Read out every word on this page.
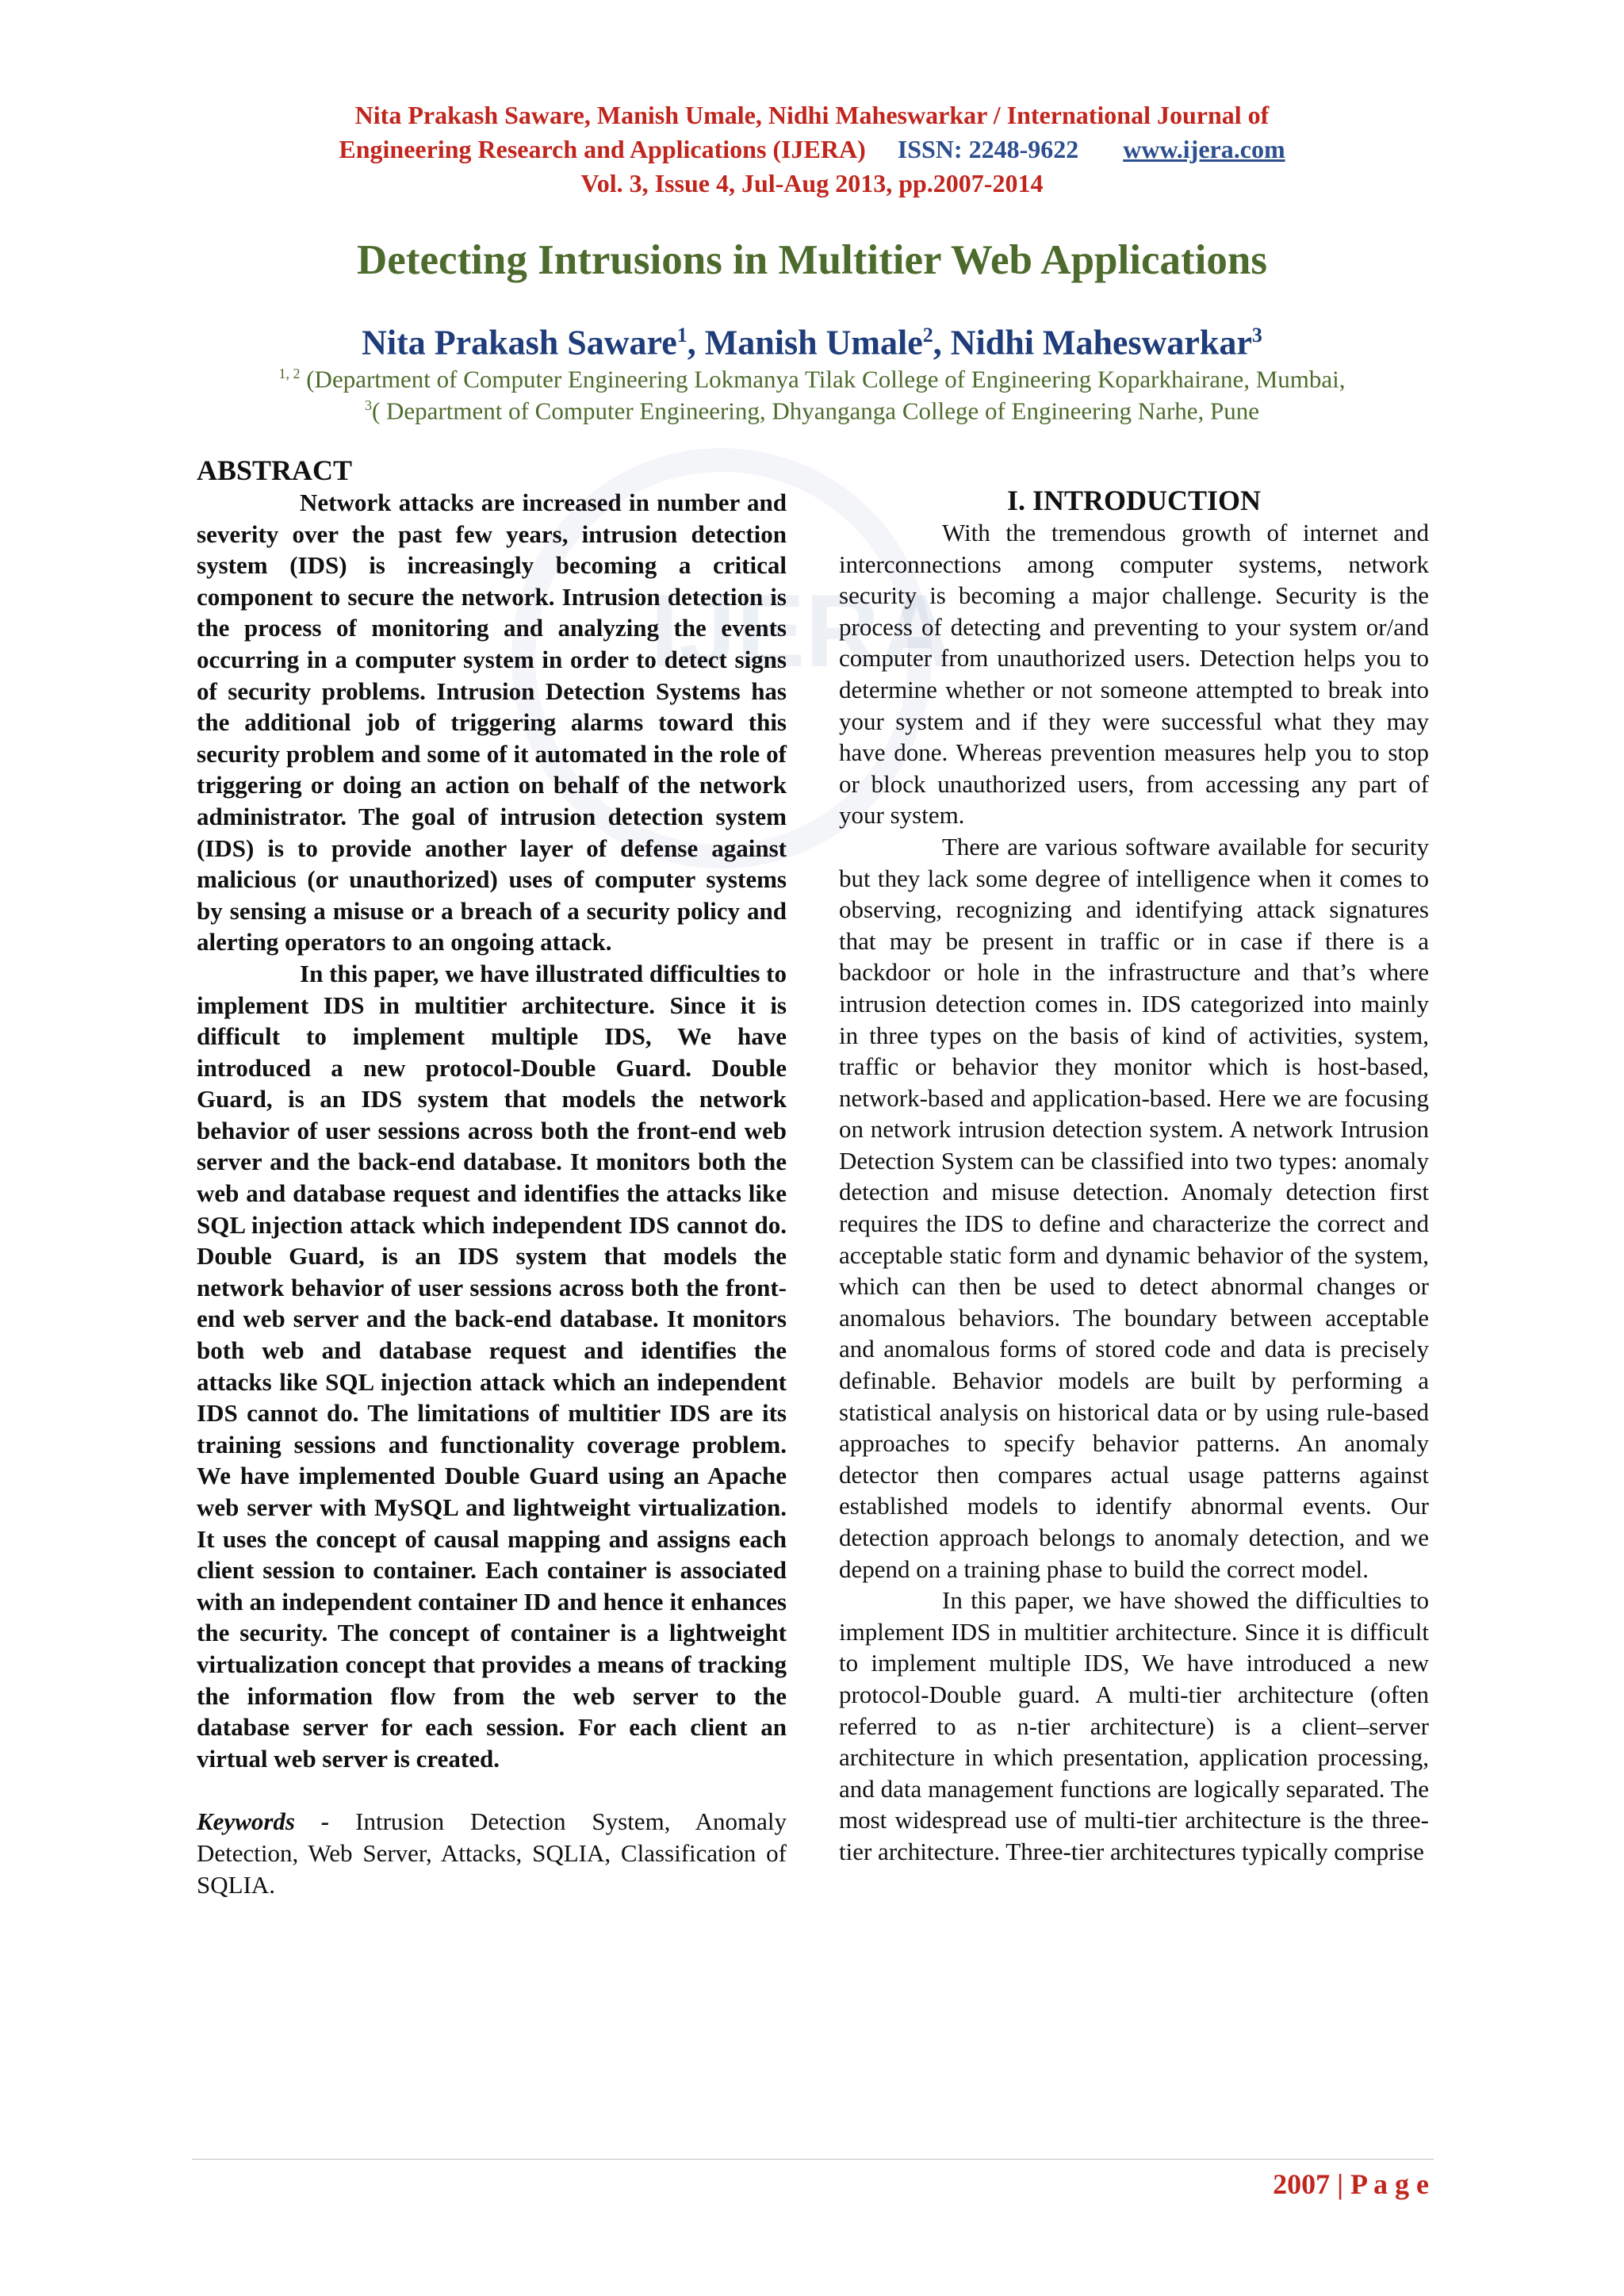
IJERA
Nita Prakash Saware, Manish Umale, Nidhi Maheswarkar / International Journal of
Engineering Research and Applications (IJERA) ISSN: 2248-9622 www.ijera.com
Vol. 3, Issue 4, Jul-Aug 2013, pp.2007-2014
Detecting Intrusions in Multitier Web Applications
Nita Prakash Saware$^1$, Manish Umale$^2$, Nidhi Maheswarkar$^3$
$^{1, 2}$ (Department of Computer Engineering Lokmanya Tilak College of Engineering Koparkhairane, Mumbai,
$^3$( Department of Computer Engineering, Dhyanganga College of Engineering Narhe, Pune
ABSTRACT

Network attacks are increased in number and severity over the past few years, intrusion detection system (IDS) is increasingly becoming a critical component to secure the network. Intrusion detection is the process of monitoring and analyzing the events occurring in a computer system in order to detect signs of security problems. Intrusion Detection Systems has the additional job of triggering alarms toward this security problem and some of it automated in the role of triggering or doing an action on behalf of the network administrator. The goal of intrusion detection system (IDS) is to provide another layer of defense against malicious (or unauthorized) uses of computer systems by sensing a misuse or a breach of a security policy and alerting operators to an ongoing attack.

In this paper, we have illustrated difficulties to implement IDS in multitier architecture. Since it is difficult to implement multiple IDS, We have introduced a new protocol-Double Guard. Double Guard, is an IDS system that models the network behavior of user sessions across both the front-end web server and the back-end database. It monitors both the web and database request and identifies the attacks like SQL injection attack which independent IDS cannot do. Double Guard, is an IDS system that models the network behavior of user sessions across both the front-end web server and the back-end database. It monitors both web and database request and identifies the attacks like SQL injection attack which an independent IDS cannot do. The limitations of multitier IDS are its training sessions and functionality coverage problem. We have implemented Double Guard using an Apache web server with MySQL and lightweight virtualization. It uses the concept of causal mapping and assigns each client session to container. Each container is associated with an independent container ID and hence it enhances the security. The concept of container is a lightweight virtualization concept that provides a means of tracking the information flow from the web server to the database server for each session. For each client an virtual web server is created.

Keywords - Intrusion Detection System, Anomaly Detection, Web Server, Attacks, SQLIA, Classification of SQLIA.

I. INTRODUCTION

With the tremendous growth of internet and interconnections among computer systems, network security is becoming a major challenge. Security is the process of detecting and preventing to your system or/and computer from unauthorized users. Detection helps you to determine whether or not someone attempted to break into your system and if they were successful what they may have done. Whereas prevention measures help you to stop or block unauthorized users, from accessing any part of your system.

There are various software available for security but they lack some degree of intelligence when it comes to observing, recognizing and identifying attack signatures that may be present in traffic or in case if there is a backdoor or hole in the infrastructure and that’s where intrusion detection comes in. IDS categorized into mainly in three types on the basis of kind of activities, system, traffic or behavior they monitor which is host-based, network-based and application-based. Here we are focusing on network intrusion detection system. A network Intrusion Detection System can be classified into two types: anomaly detection and misuse detection. Anomaly detection first requires the IDS to define and characterize the correct and acceptable static form and dynamic behavior of the system, which can then be used to detect abnormal changes or anomalous behaviors. The boundary between acceptable and anomalous forms of stored code and data is precisely definable. Behavior models are built by performing a statistical analysis on historical data or by using rule-based approaches to specify behavior patterns. An anomaly detector then compares actual usage patterns against established models to identify abnormal events. Our detection approach belongs to anomaly detection, and we depend on a training phase to build the correct model.

In this paper, we have showed the difficulties to implement IDS in multitier architecture. Since it is difficult to implement multiple IDS, We have introduced a new protocol-Double guard. A multi-tier architecture (often referred to as n-tier architecture) is a client–server architecture in which presentation, application processing, and data management functions are logically separated. The most widespread use of multi-tier architecture is the three-tier architecture. Three-tier architectures typically comprise

2007 | P a g e
